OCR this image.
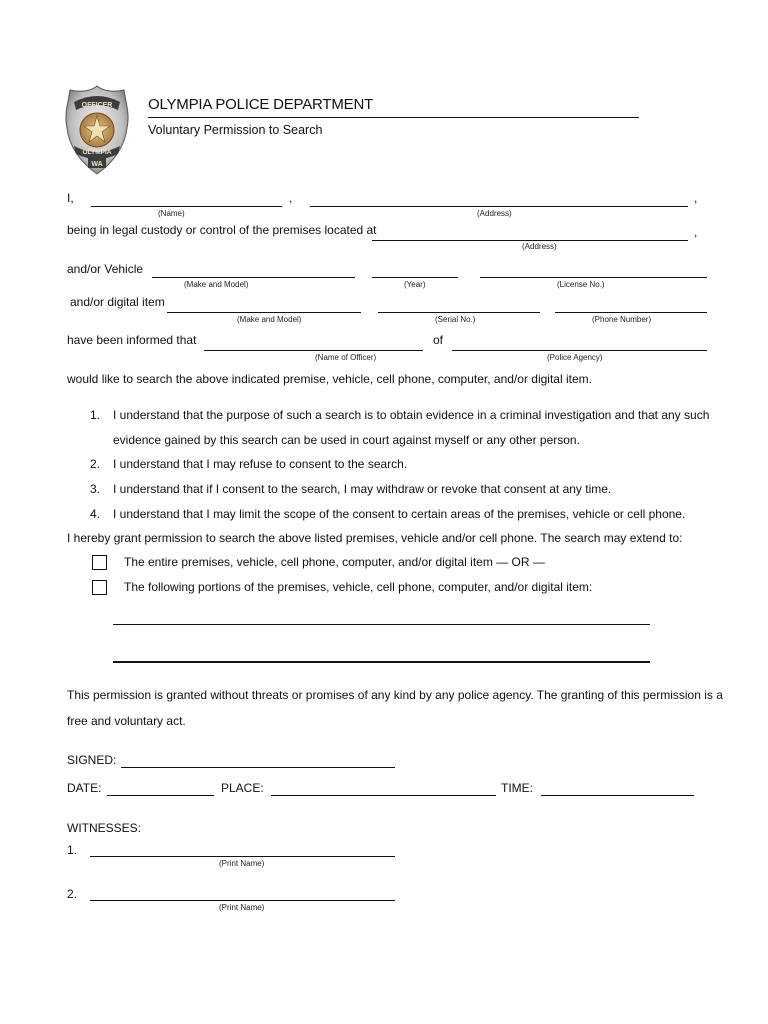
OFFICER
OLYMPIA
WA
OLYMPIA POLICE DEPARTMENT
Voluntary Permission to Search
I,	,	,
(Name)	(Address)
being in legal custody or control of the premises located at	,
(Address)
and/or Vehicle
(Make and Model)	(Year)	(License No.)
and/or digital item
(Make and Model)	(Serial No.)	(Phone Number)
have been informed that	of
(Name of Officer)	(Police Agency)
would like to search the above indicated premise, vehicle, cell phone, computer, and/or digital item.
1. I understand that the purpose of such a search is to obtain evidence in a criminal investigation and that any such
evidence gained by this search can be used in court against myself or any other person.
2. I understand that I may refuse to consent to the search.
3. I understand that if I consent to the search, I may withdraw or revoke that consent at any time.
4. I understand that I may limit the scope of the consent to certain areas of the premises, vehicle or cell phone.
I hereby grant permission to search the above listed premises, vehicle and/or cell phone. The search may extend to:
The entire premises, vehicle, cell phone, computer, and/or digital item — OR —
The following portions of the premises, vehicle, cell phone, computer, and/or digital item:
This permission is granted without threats or promises of any kind by any police agency. The granting of this permission is a
free and voluntary act.
SIGNED:
DATE:	PLACE:	TIME:
WITNESSES:
1.
(Print Name)
2.
(Print Name)
